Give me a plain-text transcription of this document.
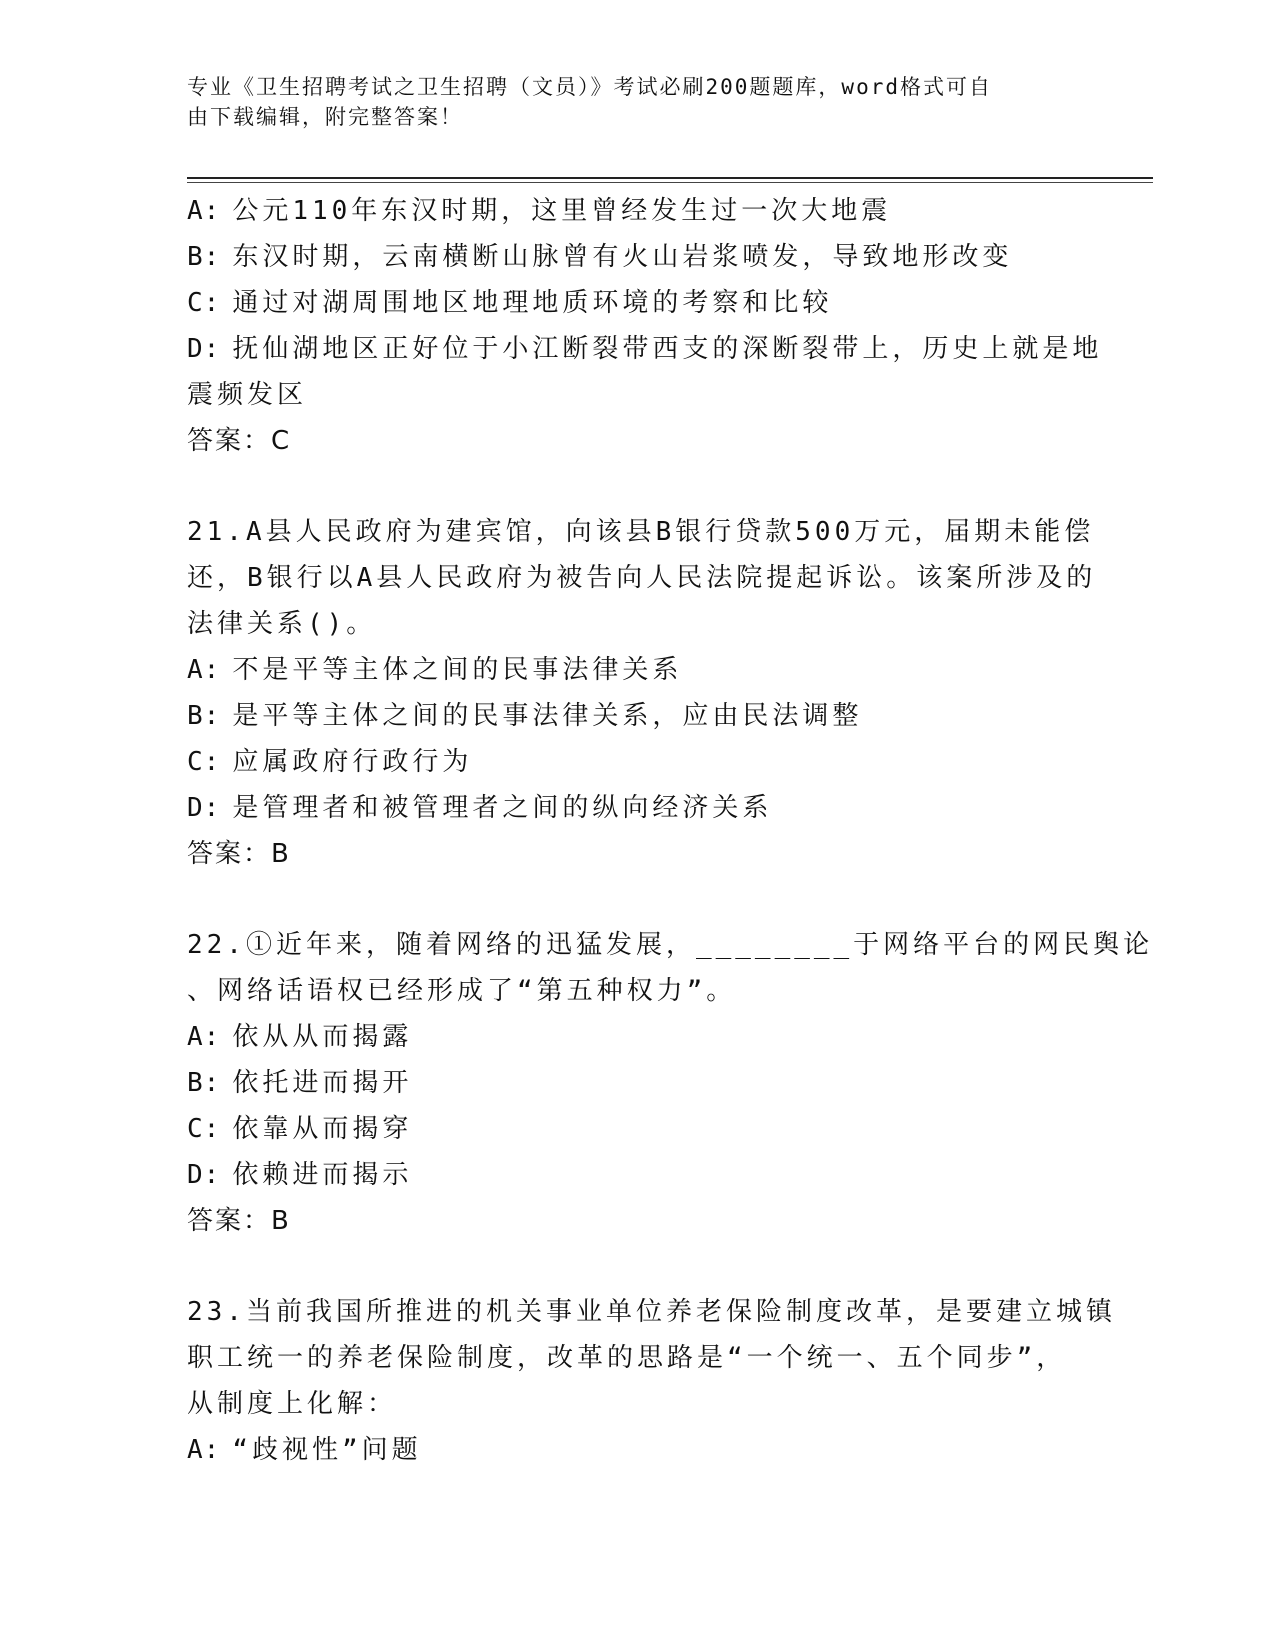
专业《卫生招聘考试之卫生招聘（文员）》考试必刷200题题库，word格式可自
由下载编辑，附完整答案！

A: 公元110年东汉时期，这里曾经发生过一次大地震

B: 东汉时期，云南横断山脉曾有火山岩浆喷发，导致地形改变

C: 通过对湖周围地区地理地质环境的考察和比较

D: 抚仙湖地区正好位于小江断裂带西支的深断裂带上，历史上就是地

震频发区

答案：C

21.A县人民政府为建宾馆，向该县B银行贷款500万元，届期未能偿

还，B银行以A县人民政府为被告向人民法院提起诉讼。该案所涉及的

法律关系()。

A: 不是平等主体之间的民事法律关系

B: 是平等主体之间的民事法律关系，应由民法调整

C: 应属政府行政行为

D: 是管理者和被管理者之间的纵向经济关系

答案：B

22.①近年来，随着网络的迅猛发展，________于网络平台的网民舆论

、网络话语权已经形成了“第五种权力”。

A: 依从从而揭露

B: 依托进而揭开

C: 依靠从而揭穿

D: 依赖进而揭示

答案：B

23.当前我国所推进的机关事业单位养老保险制度改革，是要建立城镇

职工统一的养老保险制度，改革的思路是“一个统一、五个同步”，

从制度上化解：

A: “歧视性”问题
